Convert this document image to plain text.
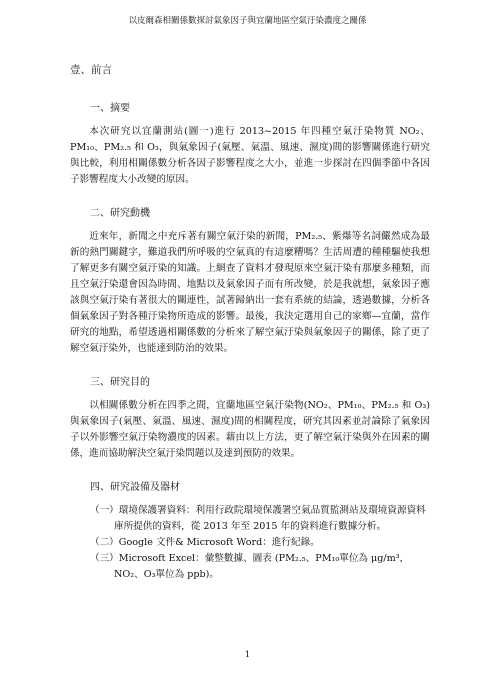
以皮爾森相關係數探討氣象因子與宜蘭地區空氣汙染濃度之關係
壹、前言
一、摘要
本次研究以宜蘭測站(圖一)進行 2013~2015 年四種空氣汙染物質 NO₂、PM₁₀、PM₂.₅ 和 O₃，與氣象因子(氣壓、氣溫、風速、濕度)間的影響關係進行研究與比較，利用相關係數分析各因子影響程度之大小，並進一步探討在四個季節中各因子影響程度大小改變的原因。
二、研究動機
近來年，新聞之中充斥著有關空氣汙染的新聞，PM₂.₅、紫爆等名詞儼然成為最新的熱門關鍵字，難道我們所呼吸的空氣真的有這麼糟嗎？生活周遭的種種驅使我想了解更多有關空氣汙染的知識。上網查了資料才發現原來空氣汙染有那麼多種類，而且空氣汙染還會因為時間、地點以及氣象因子而有所改變，於是我就想，氣象因子應該與空氣汙染有著很大的關連性，試著歸納出一套有系統的結論，透過數據，分析各個氣象因子對各種汙染物所造成的影響。最後，我決定選用自己的家鄉—宜蘭，當作研究的地點，希望透過相關係數的分析來了解空氣汙染與氣象因子的關係，除了更了解空氣汙染外，也能達到防治的效果。
三、研究目的
以相關係數分析在四季之間，宜蘭地區空氣汙染物(NO₂、PM₁₀、PM₂.₅ 和 O₃)與氣象因子(氣壓、氣溫、風速、濕度)間的相關程度，研究其因素並討論除了氣象因子以外影響空氣汙染物濃度的因素。藉由以上方法，更了解空氣汙染與外在因素的關係，進而協助解決空氣汙染問題以及達到預防的效果。
四、研究設備及器材
（一）環境保護署資料：利用行政院環境保護署空氣品質監測站及環境資源資料庫所提供的資料，從 2013 年至 2015 年的資料進行數據分析。
（二）Google 文件& Microsoft Word：進行紀錄。
（三）Microsoft Excel：彙整數據、圖表 (PM₂.₅、PM₁₀單位為 μg/m³，NO₂、O₃單位為 ppb)。
1
